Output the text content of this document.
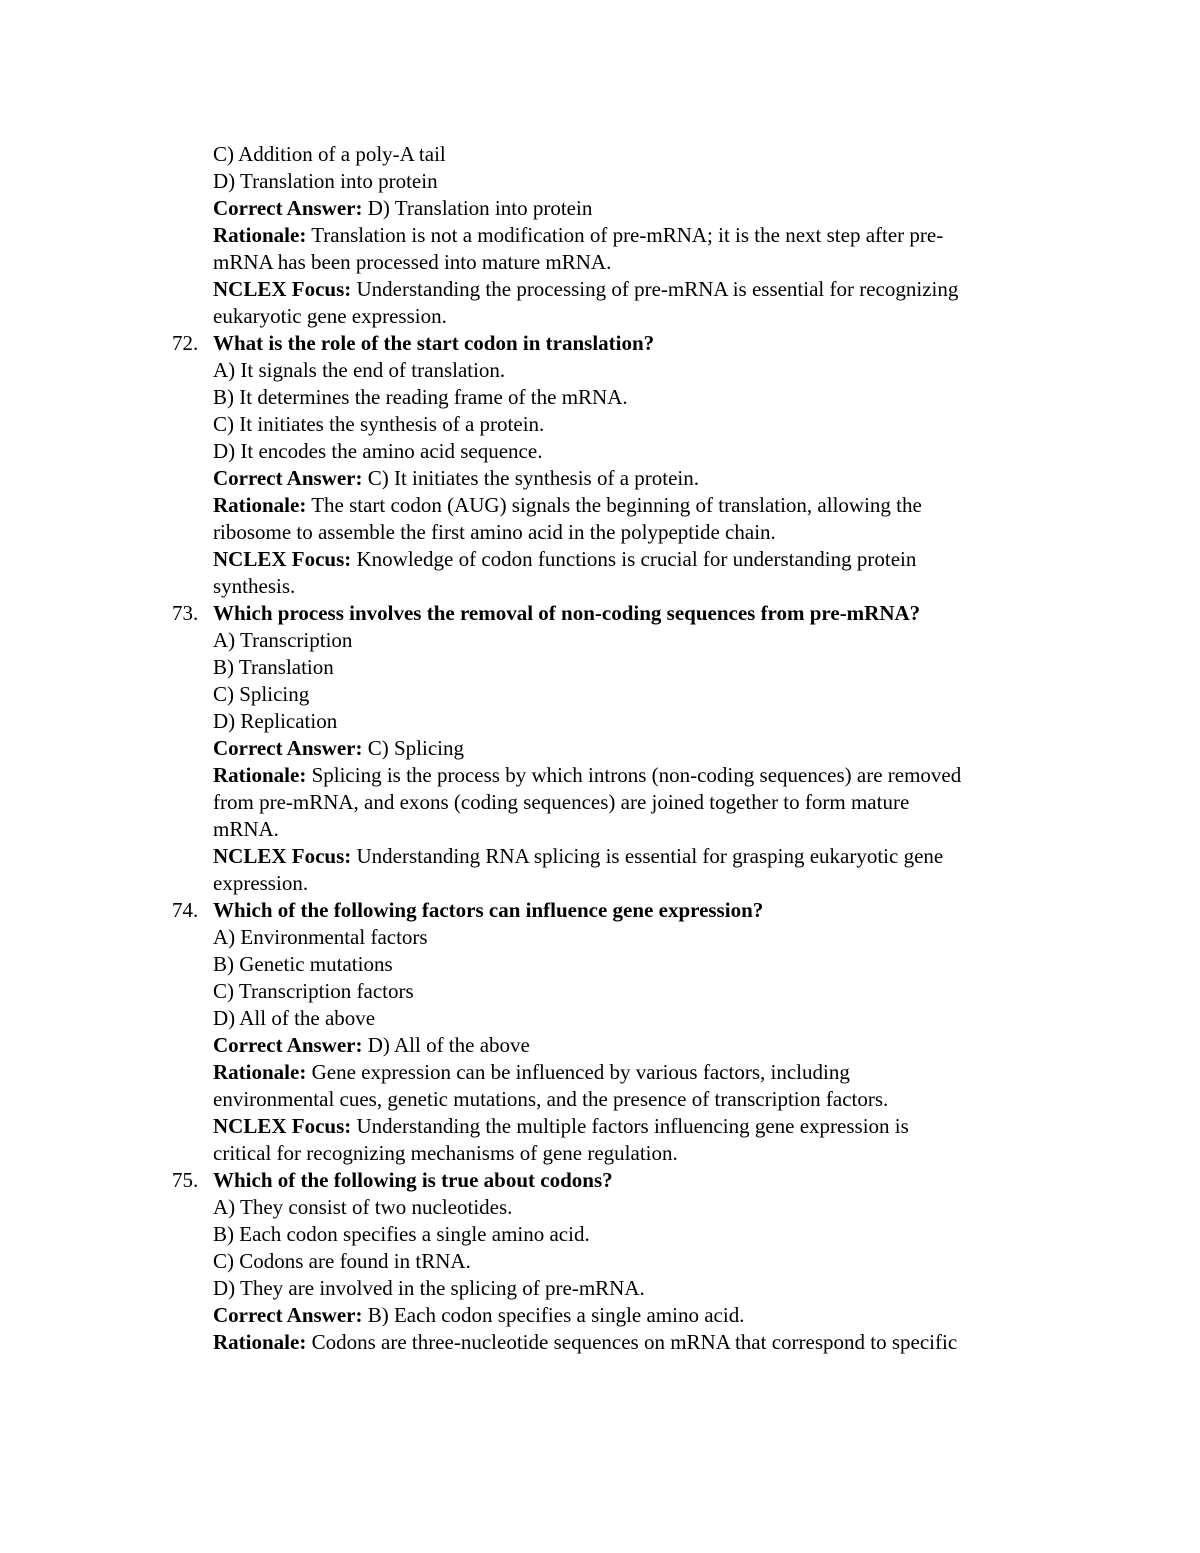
C) Addition of a poly-A tail
D) Translation into protein
Correct Answer: D) Translation into protein
Rationale: Translation is not a modification of pre-mRNA; it is the next step after pre-
mRNA has been processed into mature mRNA.
NCLEX Focus: Understanding the processing of pre-mRNA is essential for recognizing
eukaryotic gene expression.
72. What is the role of the start codon in translation?
A) It signals the end of translation.
B) It determines the reading frame of the mRNA.
C) It initiates the synthesis of a protein.
D) It encodes the amino acid sequence.
Correct Answer: C) It initiates the synthesis of a protein.
Rationale: The start codon (AUG) signals the beginning of translation, allowing the
ribosome to assemble the first amino acid in the polypeptide chain.
NCLEX Focus: Knowledge of codon functions is crucial for understanding protein
synthesis.
73. Which process involves the removal of non-coding sequences from pre-mRNA?
A) Transcription
B) Translation
C) Splicing
D) Replication
Correct Answer: C) Splicing
Rationale: Splicing is the process by which introns (non-coding sequences) are removed
from pre-mRNA, and exons (coding sequences) are joined together to form mature
mRNA.
NCLEX Focus: Understanding RNA splicing is essential for grasping eukaryotic gene
expression.
74. Which of the following factors can influence gene expression?
A) Environmental factors
B) Genetic mutations
C) Transcription factors
D) All of the above
Correct Answer: D) All of the above
Rationale: Gene expression can be influenced by various factors, including
environmental cues, genetic mutations, and the presence of transcription factors.
NCLEX Focus: Understanding the multiple factors influencing gene expression is
critical for recognizing mechanisms of gene regulation.
75. Which of the following is true about codons?
A) They consist of two nucleotides.
B) Each codon specifies a single amino acid.
C) Codons are found in tRNA.
D) They are involved in the splicing of pre-mRNA.
Correct Answer: B) Each codon specifies a single amino acid.
Rationale: Codons are three-nucleotide sequences on mRNA that correspond to specific
